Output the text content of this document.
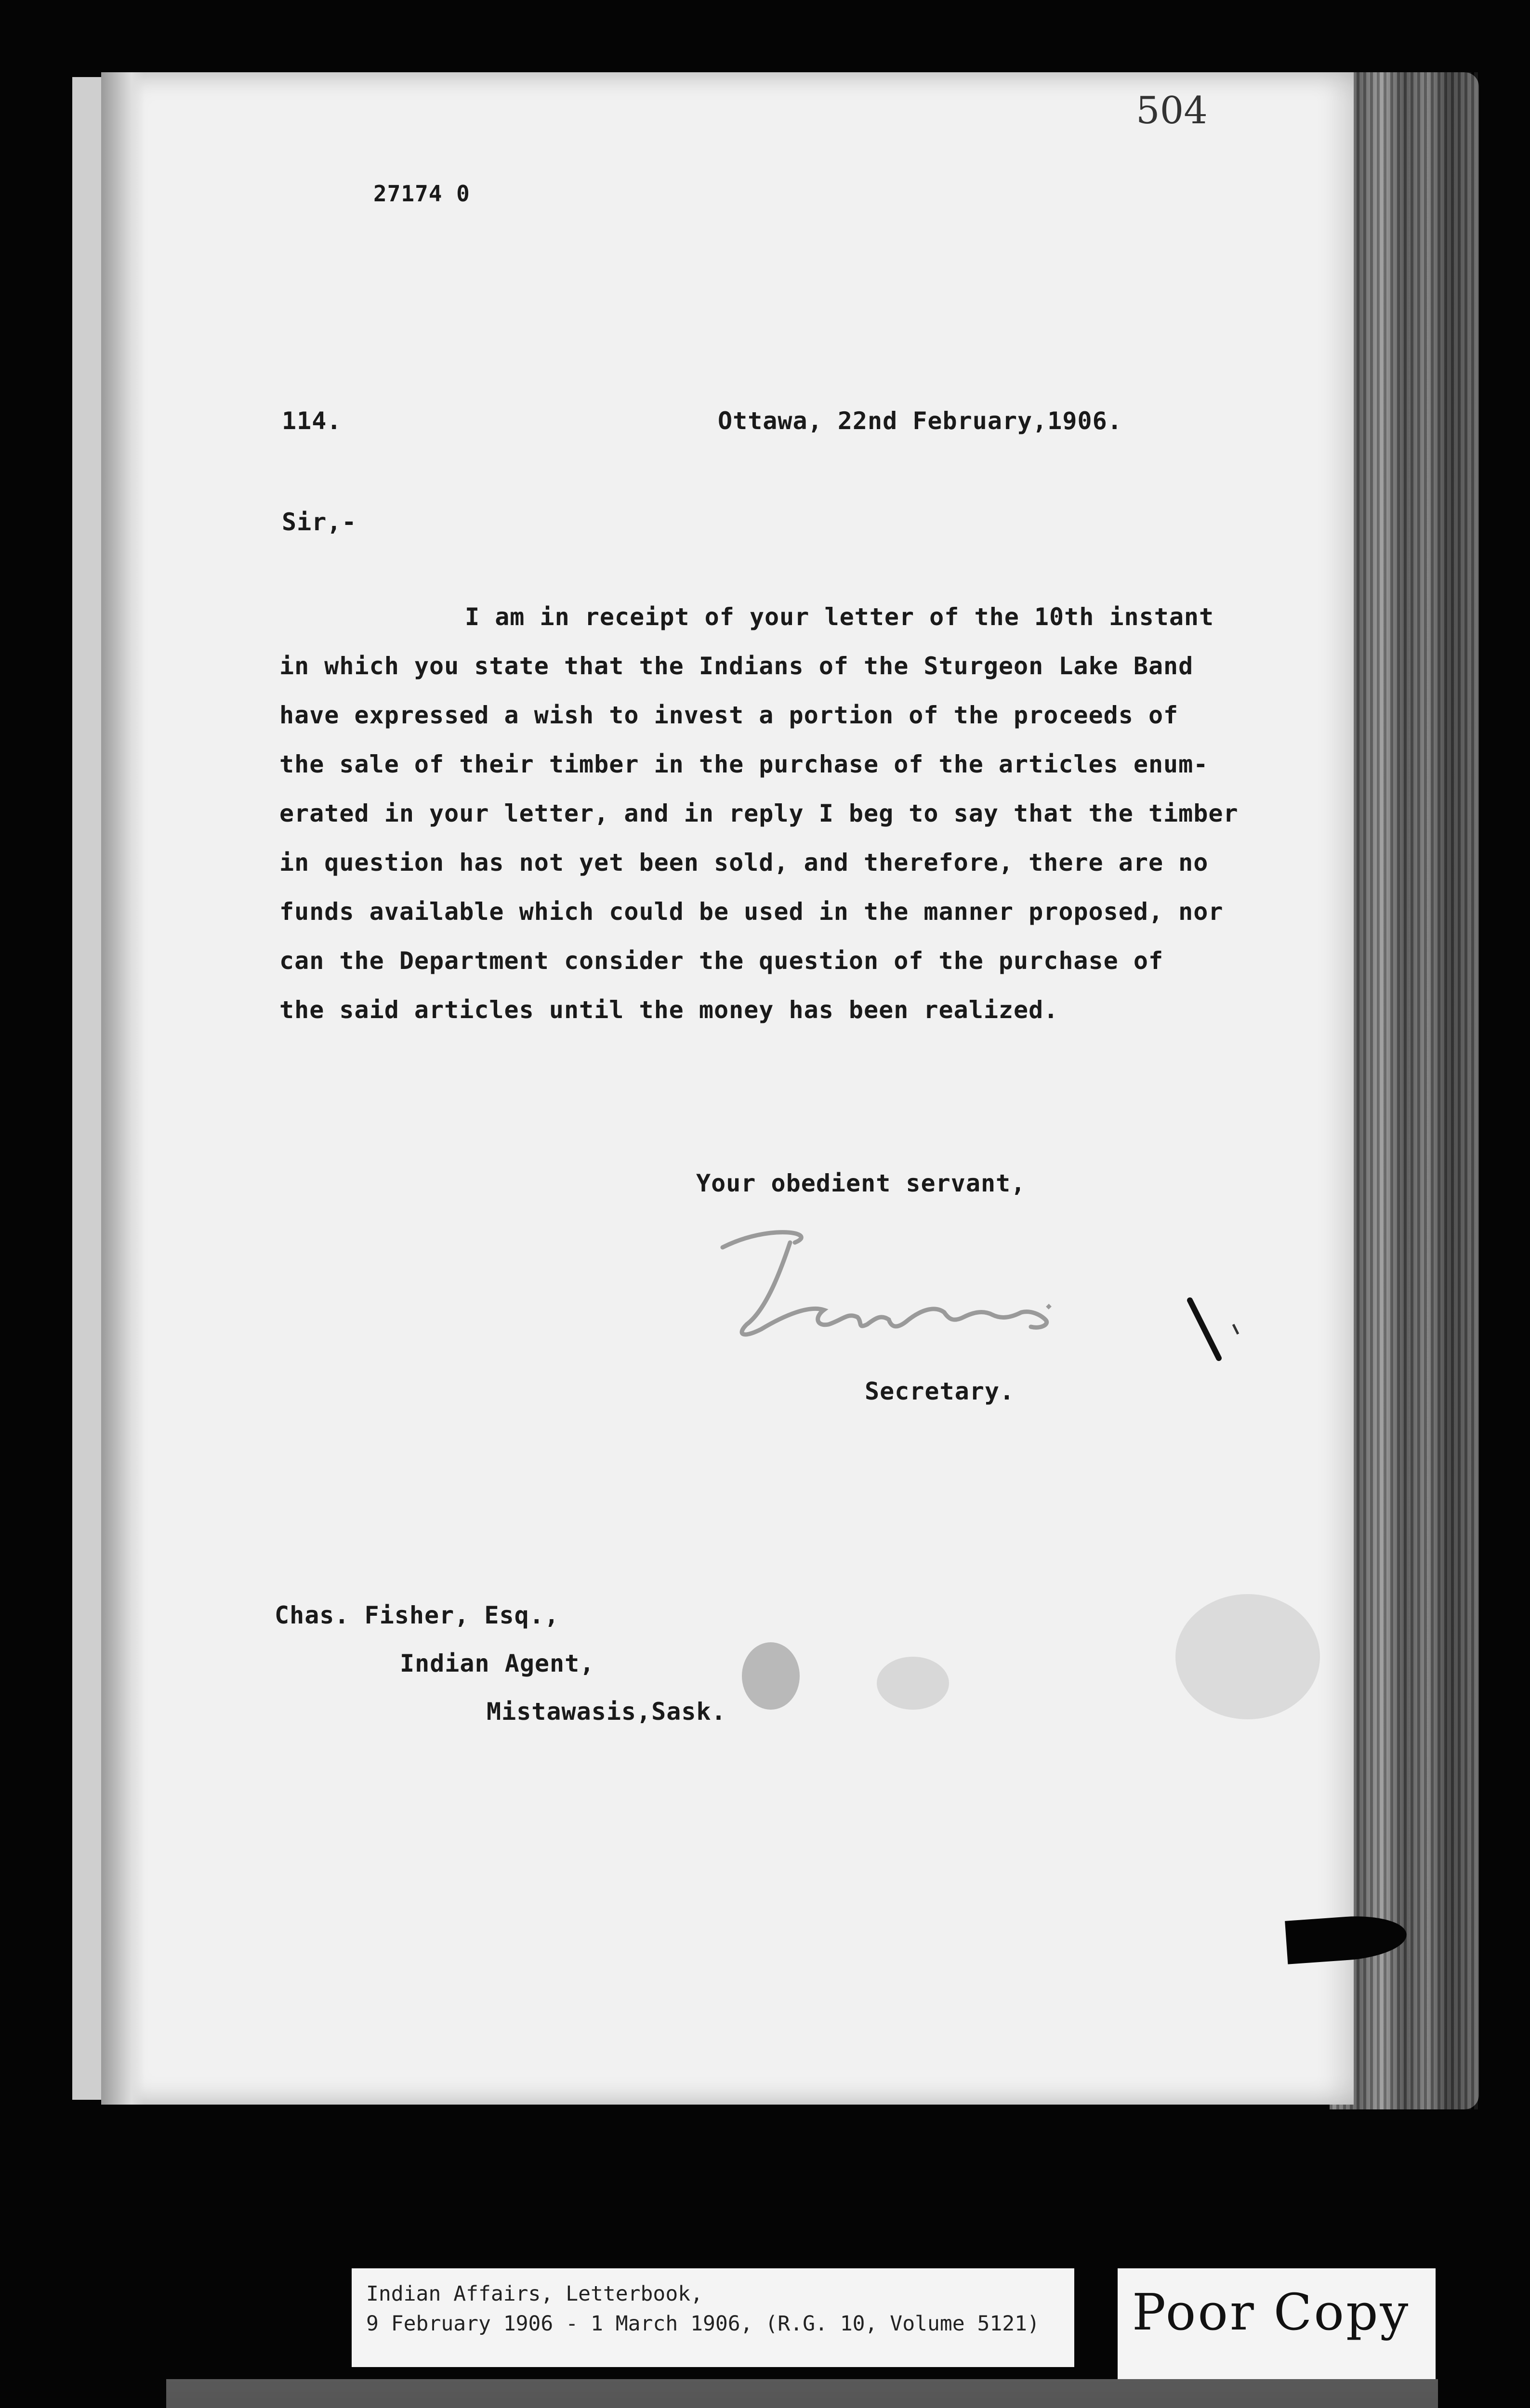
504
27174 0
114.	Ottawa, 22nd February,1906.
Sir,-
I am in receipt of your letter of the 10th instant
in which you state that the Indians of the Sturgeon Lake Band
have expressed a wish to invest a portion of the proceeds of
the sale of their timber in the purchase of the articles enum-
erated in your letter, and in reply I beg to say that the timber
in question has not yet been sold, and therefore, there are no
funds available which could be used in the manner proposed, nor
can the Department consider the question of the purchase of
the said articles until the money has been realized.
Your obedient servant,
Secretary.
Chas. Fisher, Esq.,
Indian Agent,
Mistawasis,Sask.
Indian Affairs, Letterbook,
9 February 1906 - 1 March 1906, (R.G. 10, Volume 5121)	Poor Copy
